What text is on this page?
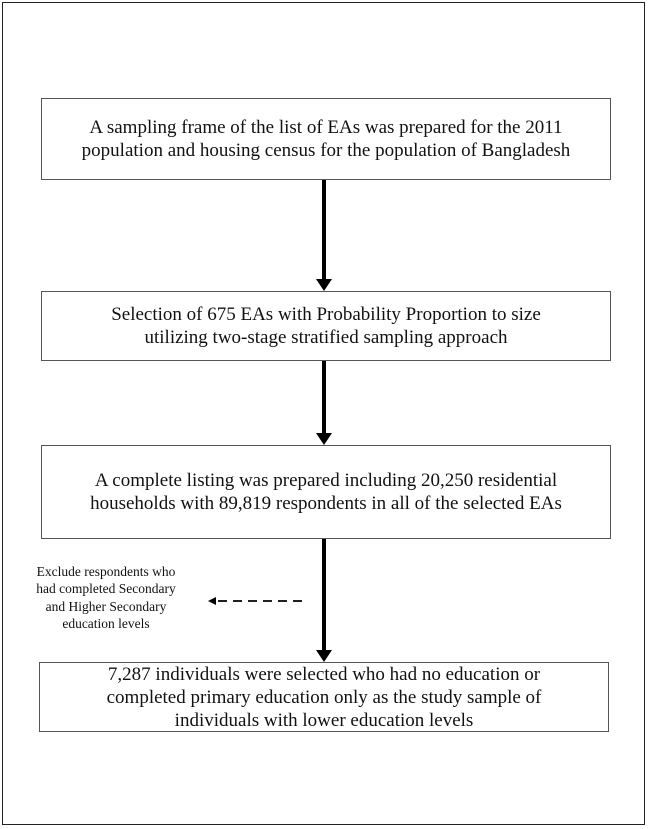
A sampling frame of the list of EAs was prepared for the 2011
population and housing census for the population of Bangladesh
Selection of 675 EAs with Probability Proportion to size
utilizing two-stage stratified sampling approach
A complete listing was prepared including 20,250 residential
households with 89,819 respondents in all of the selected EAs
7,287 individuals were selected who had no education or
completed primary education only as the study sample of
individuals with lower education levels
Exclude respondents who
had completed Secondary
and Higher Secondary
education levels
